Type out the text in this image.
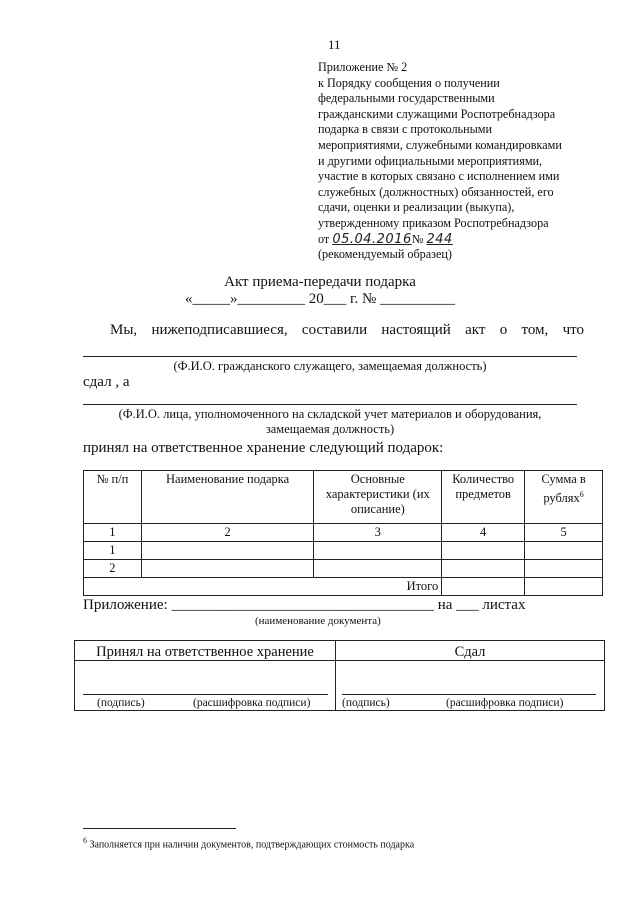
11
Приложение № 2
к Порядку сообщения о получении
федеральными государственными
гражданскими служащими Роспотребнадзора
подарка в связи с протокольными
мероприятиями, служебными командировками
и другими официальными мероприятиями,
участие в которых связано с исполнением ими
служебных (должностных) обязанностей, его
сдачи, оценки и реализации (выкупа),
утвержденному приказом Роспотребнадзора
от 05.04.2016№ 244
(рекомендуемый образец)
Акт приема-передачи подарка
«_____»_________ 20___ г. № __________
Мы, нижеподписавшиеся, составили настоящий акт о том, что
(Ф.И.О. гражданского служащего, замещаемая должность)
сдал , а
(Ф.И.О. лица, уполномоченного на складской учет материалов и оборудования,
замещаемая должность)
принял на ответственное хранение следующий подарок:
№ п/п	Наименование подарка	Основные характеристики (их описание)	Количество предметов	Сумма в рублях$^6$
1	2	3	4	5
1				
2				
Итого				
Приложение: ___________________________________ на ___ листах
(наименование документа)
Принял на ответственное хранение
(подпись)	(расшифровка подписи)
Сдал
(подпись)	(расшифровка подписи)
$^6$ Заполняется при наличии документов, подтверждающих стоимость подарка
